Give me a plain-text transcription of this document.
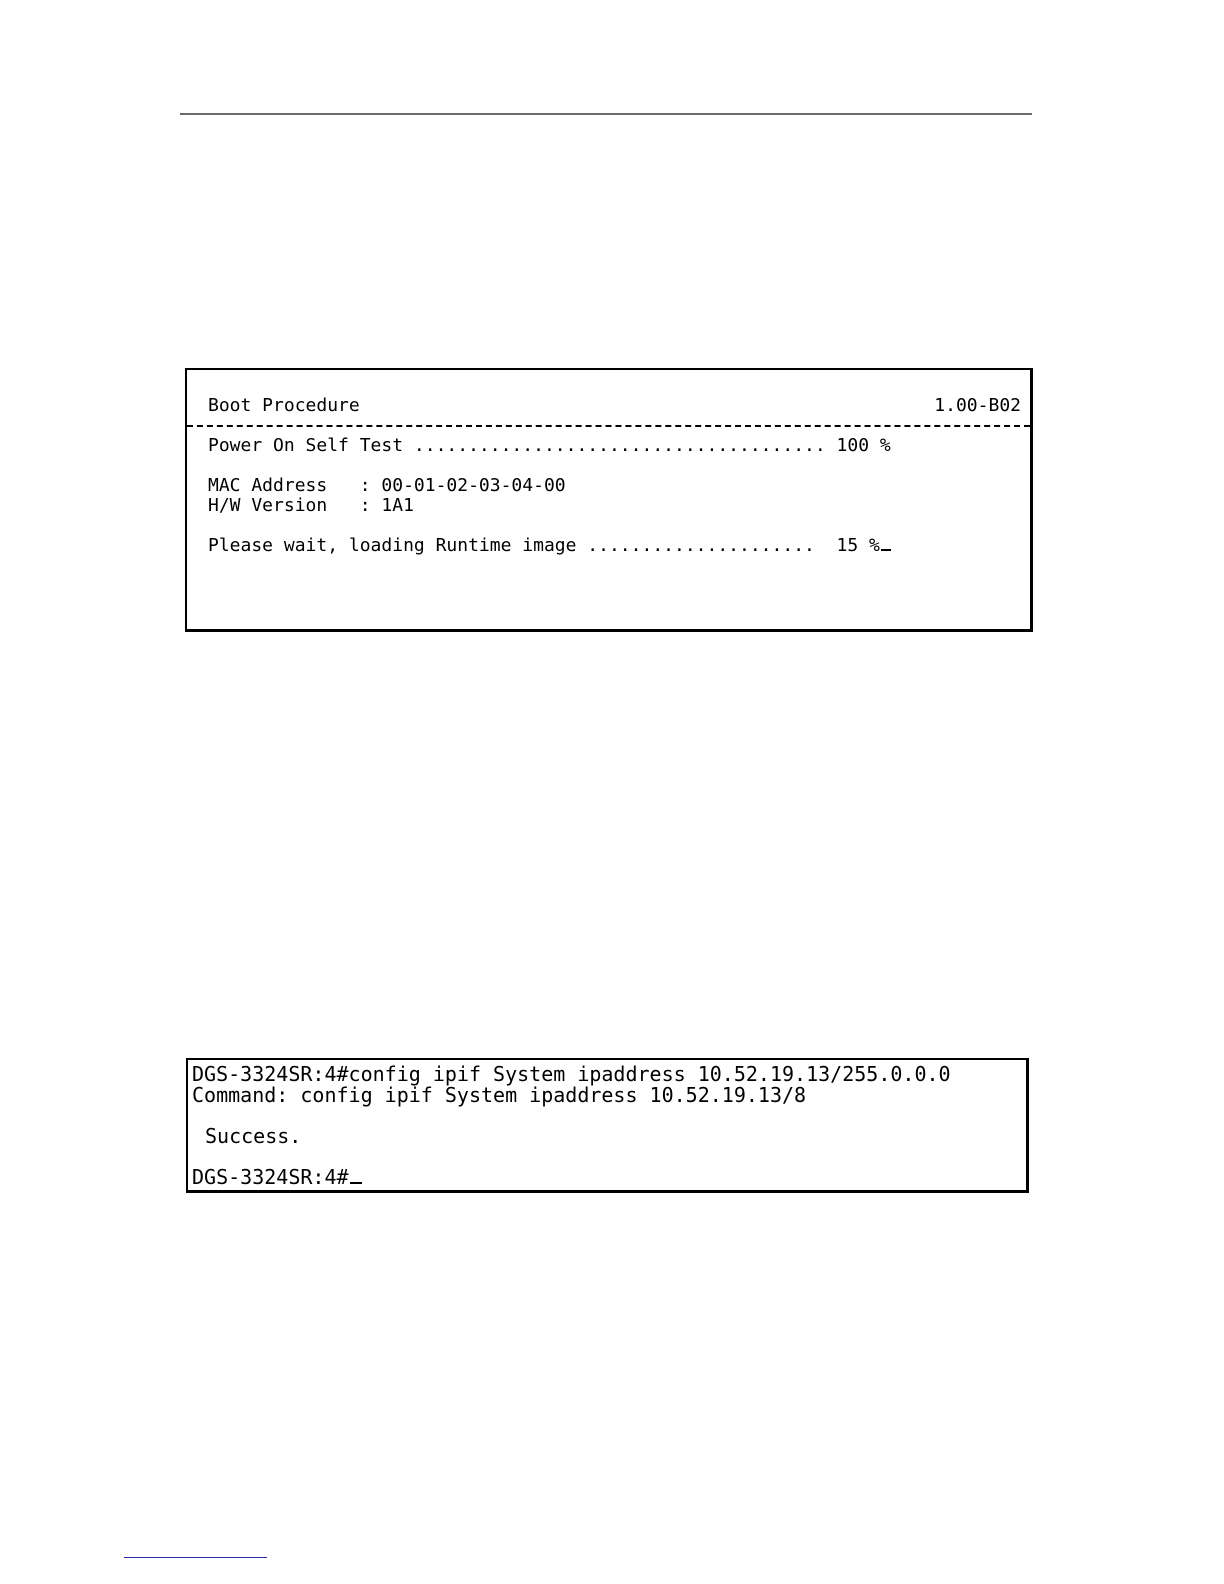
Boot Procedure	1.00-B02
Power On Self Test ...................................... 100 %
MAC Address   : 00-01-02-03-04-00
H/W Version   : 1A1
Please wait, loading Runtime image .....................  15 %
DGS-3324SR:4#config ipif System ipaddress 10.52.19.13/255.0.0.0
Command: config ipif System ipaddress 10.52.19.13/8
Success.
DGS-3324SR:4#
